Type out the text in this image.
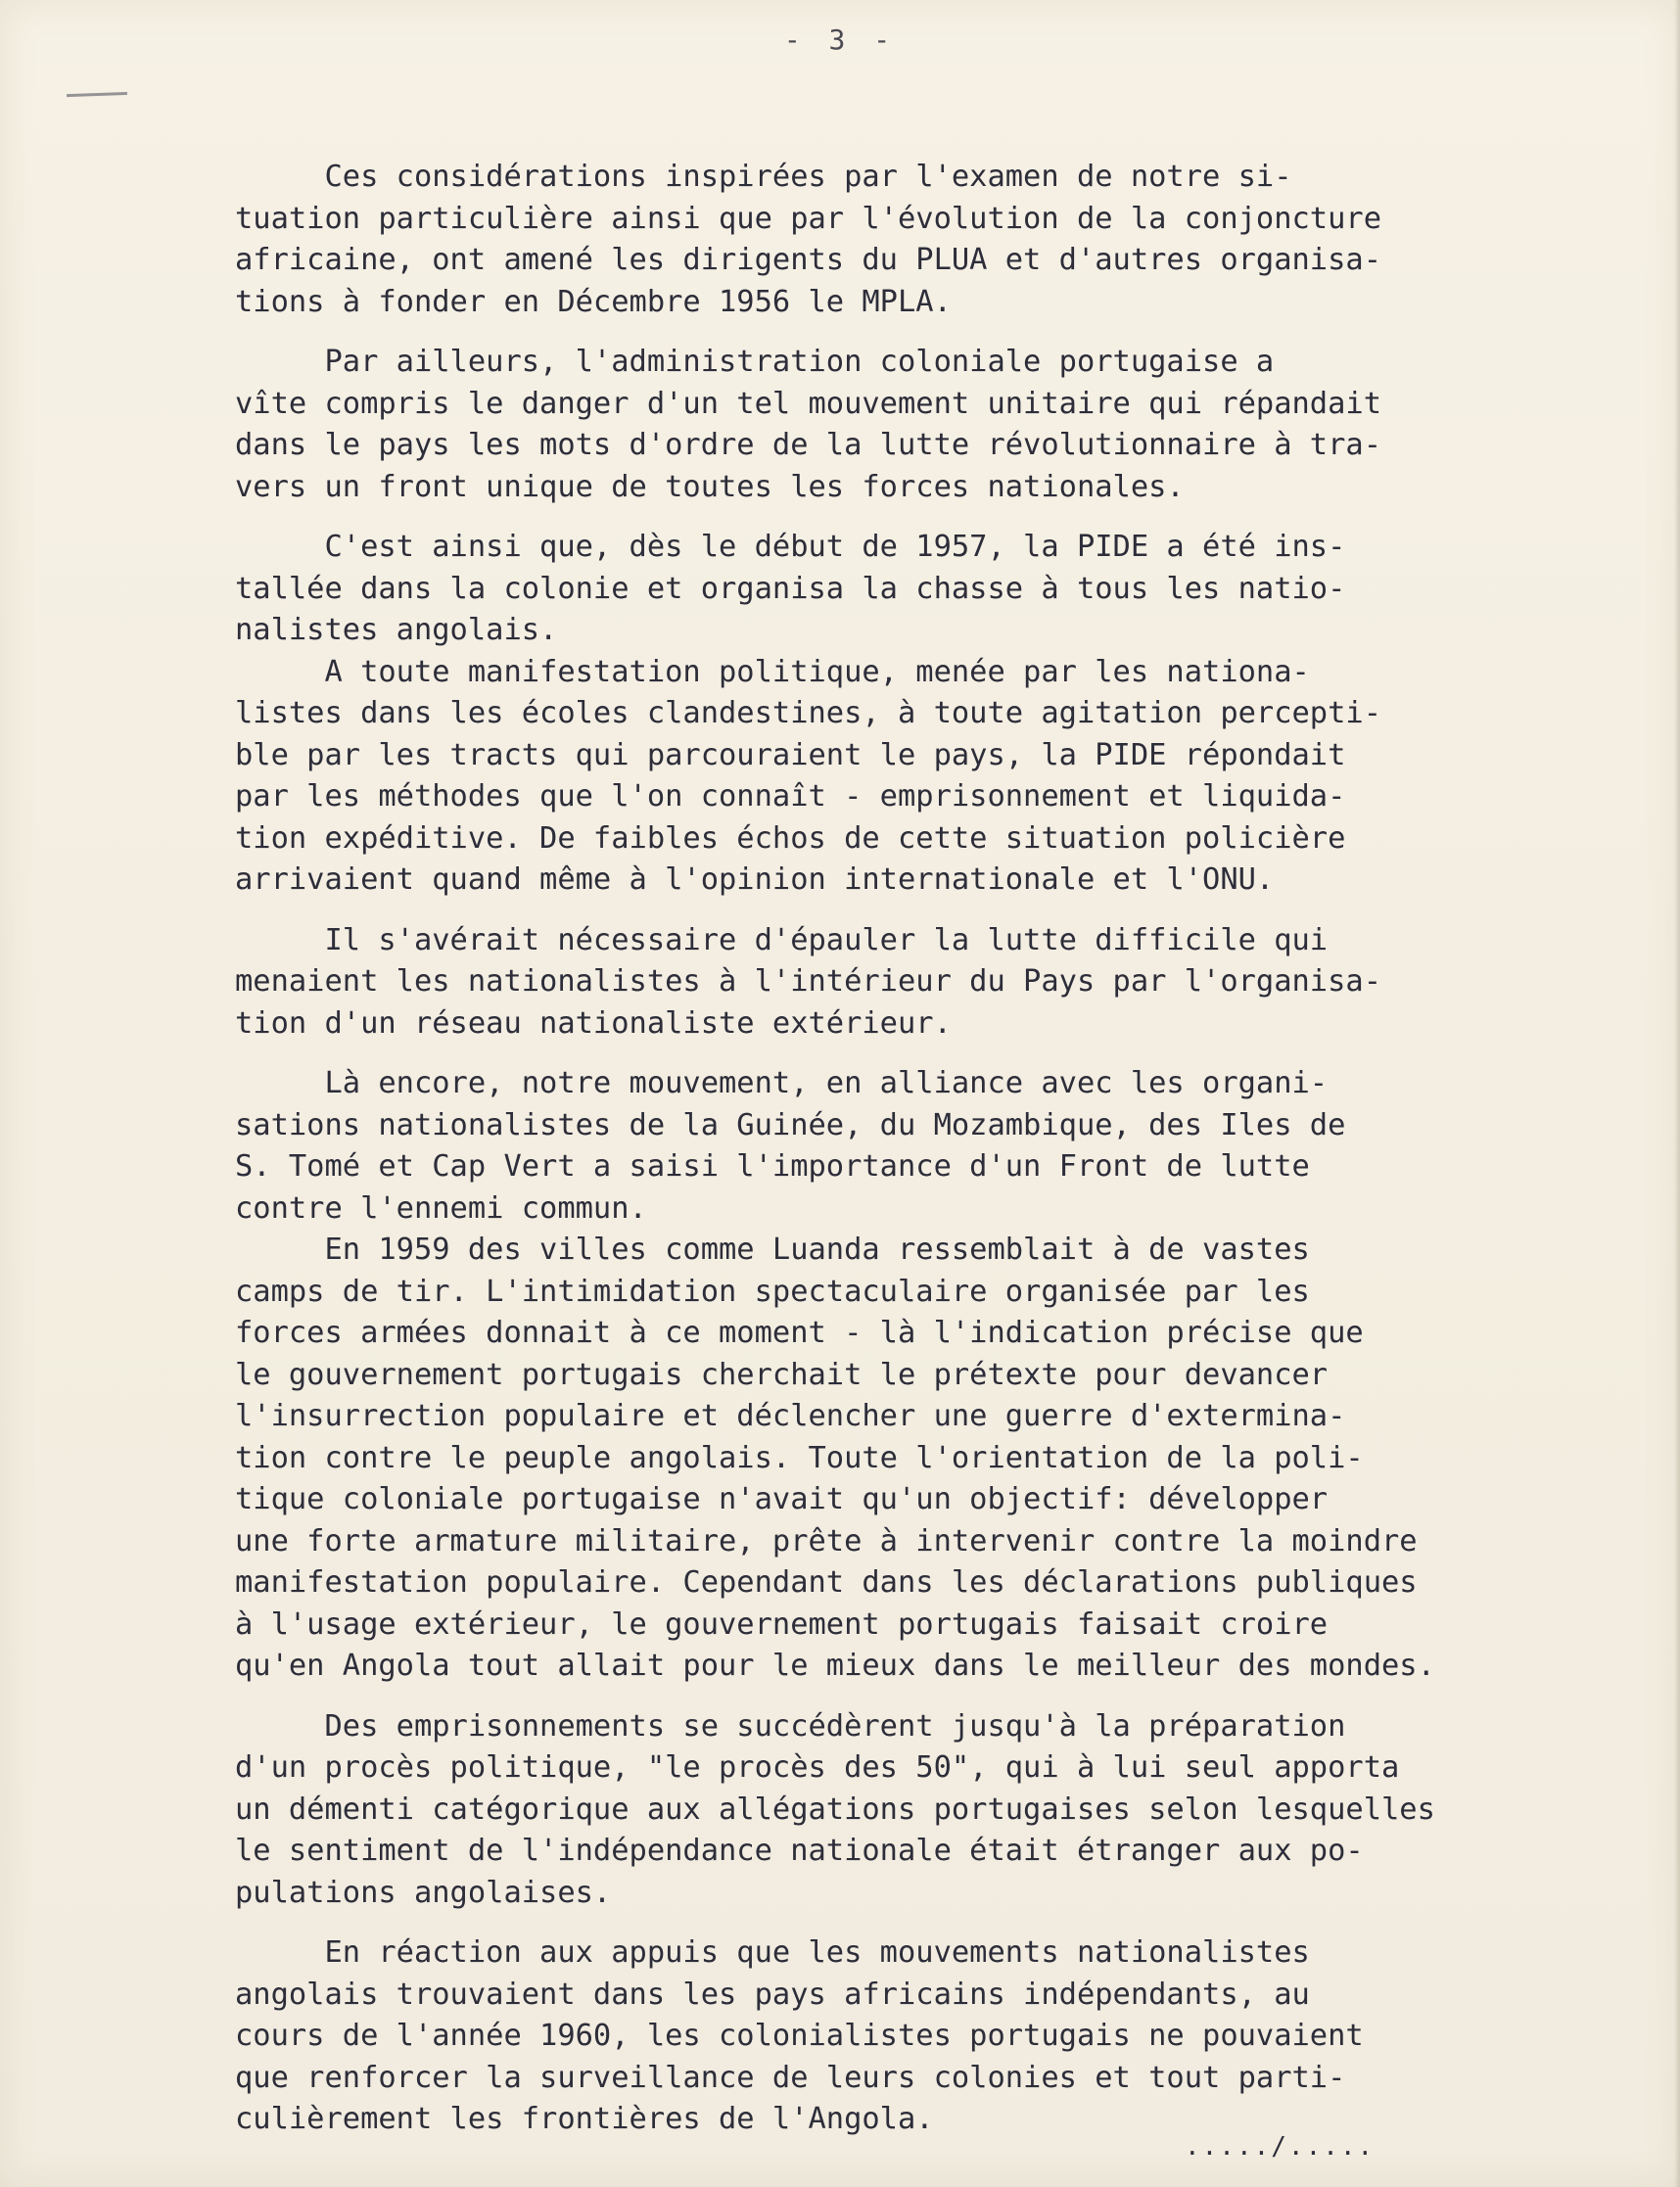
- 3 -
Ces considérations inspirées par l'examen de notre si-
tuation particulière ainsi que par l'évolution de la conjoncture
africaine, ont amené les dirigents du PLUA et d'autres organisa-
tions à fonder en Décembre 1956 le MPLA.
Par ailleurs, l'administration coloniale portugaise a
vîte compris le danger d'un tel mouvement unitaire qui répandait
dans le pays les mots d'ordre de la lutte révolutionnaire à tra-
vers un front unique de toutes les forces nationales.
C'est ainsi que, dès le début de 1957, la PIDE a été ins-
tallée dans la colonie et organisa la chasse à tous les natio-
nalistes angolais.
A toute manifestation politique, menée par les nationa-
listes dans les écoles clandestines, à toute agitation percepti-
ble par les tracts qui parcouraient le pays, la PIDE répondait
par les méthodes que l'on connaît - emprisonnement et liquida-
tion expéditive. De faibles échos de cette situation policière
arrivaient quand même à l'opinion internationale et l'ONU.
Il s'avérait nécessaire d'épauler la lutte difficile qui
menaient les nationalistes à l'intérieur du Pays par l'organisa-
tion d'un réseau nationaliste extérieur.
Là encore, notre mouvement, en alliance avec les organi-
sations nationalistes de la Guinée, du Mozambique, des Iles de
S. Tomé et Cap Vert a saisi l'importance d'un Front de lutte
contre l'ennemi commun.
En 1959 des villes comme Luanda ressemblait à de vastes
camps de tir. L'intimidation spectaculaire organisée par les
forces armées donnait à ce moment - là l'indication précise que
le gouvernement portugais cherchait le prétexte pour devancer
l'insurrection populaire et déclencher une guerre d'extermina-
tion contre le peuple angolais. Toute l'orientation de la poli-
tique coloniale portugaise n'avait qu'un objectif: développer
une forte armature militaire, prête à intervenir contre la moindre
manifestation populaire. Cependant dans les déclarations publiques
à l'usage extérieur, le gouvernement portugais faisait croire
qu'en Angola tout allait pour le mieux dans le meilleur des mondes.
Des emprisonnements se succédèrent jusqu'à la préparation
d'un procès politique, "le procès des 50", qui à lui seul apporta
un démenti catégorique aux allégations portugaises selon lesquelles
le sentiment de l'indépendance nationale était étranger aux po-
pulations angolaises.
En réaction aux appuis que les mouvements nationalistes
angolais trouvaient dans les pays africains indépendants, au
cours de l'année 1960, les colonialistes portugais ne pouvaient
que renforcer la surveillance de leurs colonies et tout parti-
culièrement les frontières de l'Angola.
...../.....
